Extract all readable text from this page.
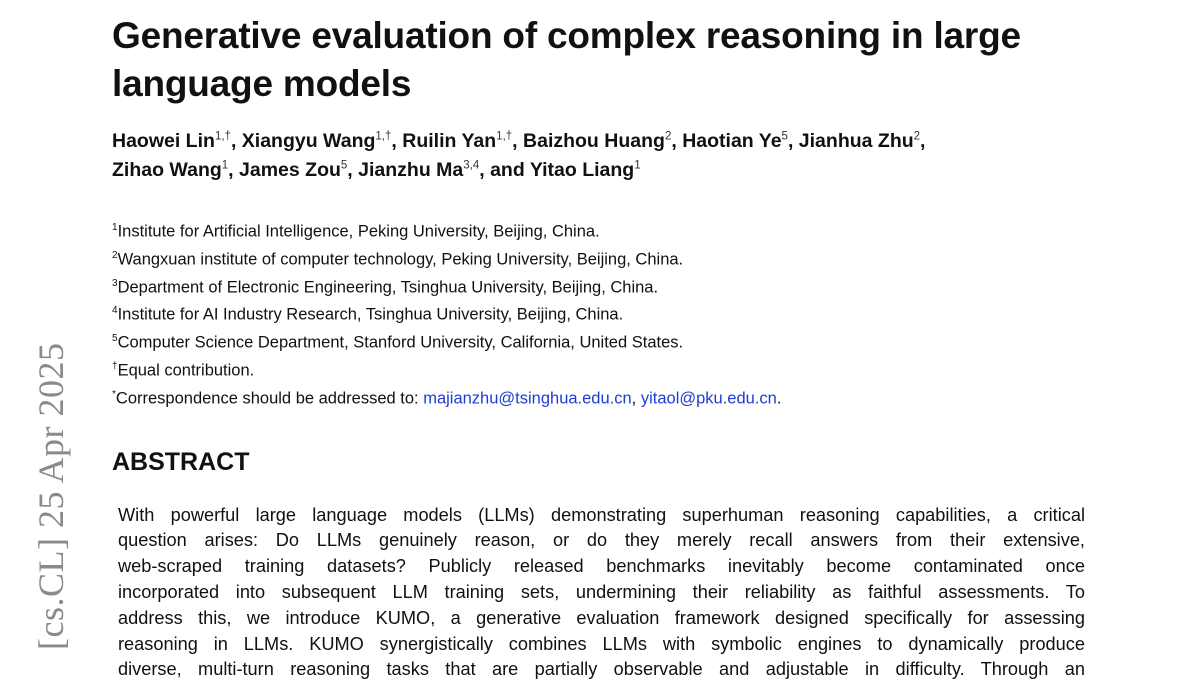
[cs.CL] 25 Apr 2025
Generative evaluation of complex reasoning in large language models
Haowei Lin$^{1,\dagger}$, Xiangyu Wang$^{1,\dagger}$, Ruilin Yan$^{1,\dagger}$, Baizhou Huang$^2$, Haotian Ye$^5$, Jianhua Zhu$^2$,
Zihao Wang$^1$, James Zou$^5$, Jianzhu Ma$^{3,4}$, and Yitao Liang$^1$
$^1$Institute for Artificial Intelligence, Peking University, Beijing, China.
$^2$Wangxuan institute of computer technology, Peking University, Beijing, China.
$^3$Department of Electronic Engineering, Tsinghua University, Beijing, China.
$^4$Institute for AI Industry Research, Tsinghua University, Beijing, China.
$^5$Computer Science Department, Stanford University, California, United States.
†Equal contribution.
*Correspondence should be addressed to: majianzhu@tsinghua.edu.cn, yitaol@pku.edu.cn.
ABSTRACT
With powerful large language models (LLMs) demonstrating superhuman reasoning capabilities, a critical
question arises: Do LLMs genuinely reason, or do they merely recall answers from their extensive,
web-scraped training datasets? Publicly released benchmarks inevitably become contaminated once
incorporated into subsequent LLM training sets, undermining their reliability as faithful assessments. To
address this, we introduce KUMO, a generative evaluation framework designed specifically for assessing
reasoning in LLMs. KUMO synergistically combines LLMs with symbolic engines to dynamically produce
diverse, multi-turn reasoning tasks that are partially observable and adjustable in difficulty. Through an
